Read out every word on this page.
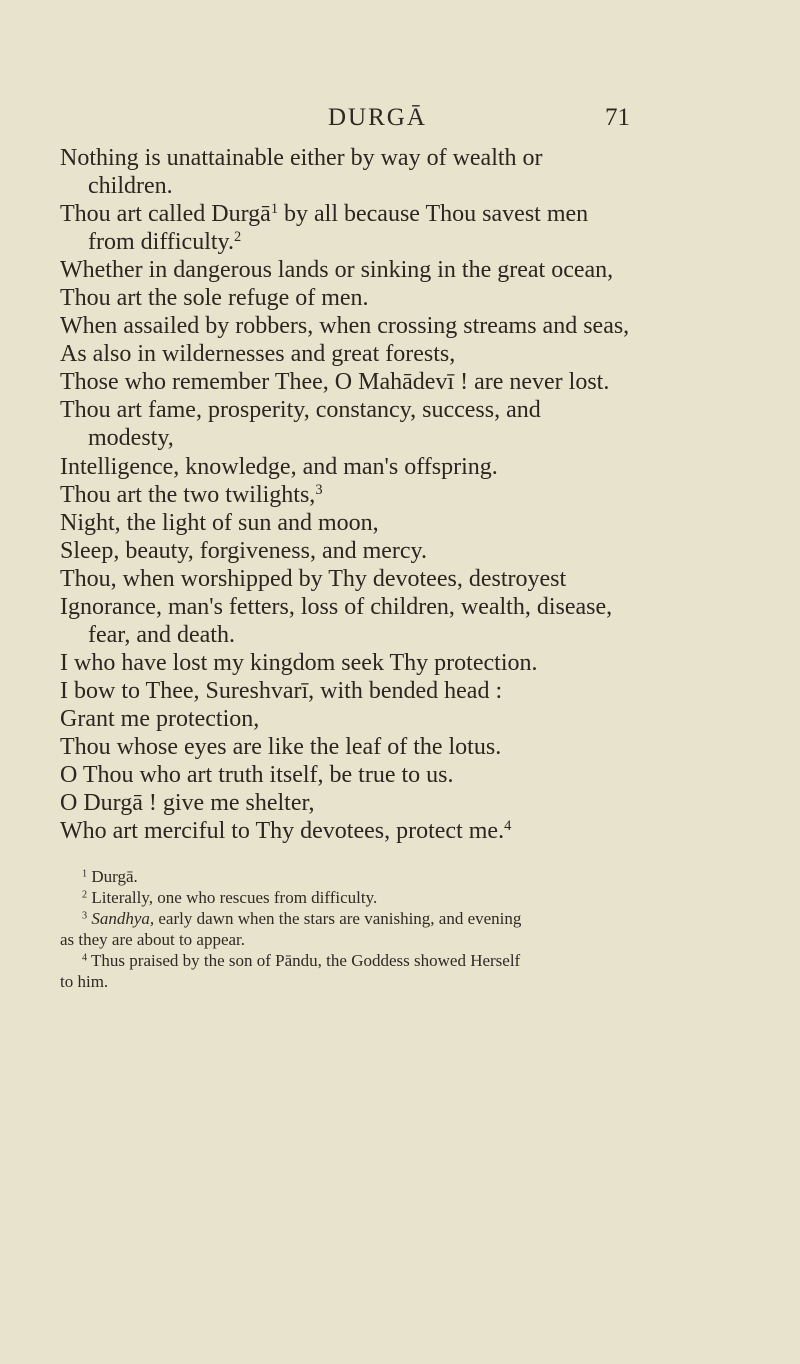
DURGĀ	71
Nothing is unattainable either by way of wealth or
children.
Thou art called Durgā$^1$ by all because Thou savest men
from difficulty.$^2$
Whether in dangerous lands or sinking in the great ocean,
Thou art the sole refuge of men.
When assailed by robbers, when crossing streams and seas,
As also in wildernesses and great forests,
Those who remember Thee, O Mahādevī ! are never lost.
Thou art fame, prosperity, constancy, success, and
modesty,
Intelligence, knowledge, and man's offspring.
Thou art the two twilights,$^3$
Night, the light of sun and moon,
Sleep, beauty, forgiveness, and mercy.
Thou, when worshipped by Thy devotees, destroyest
Ignorance, man's fetters, loss of children, wealth, disease,
fear, and death.
I who have lost my kingdom seek Thy protection.
I bow to Thee, Sureshvarī, with bended head :
Grant me protection,
Thou whose eyes are like the leaf of the lotus.
O Thou who art truth itself, be true to us.
O Durgā ! give me shelter,
Who art merciful to Thy devotees, protect me.$^4$
$^1$ Durgā.
$^2$ Literally, one who rescues from difficulty.
$^3$ Sandhya, early dawn when the stars are vanishing, and evening
as they are about to appear.
$^4$ Thus praised by the son of Pāndu, the Goddess showed Herself
to him.
